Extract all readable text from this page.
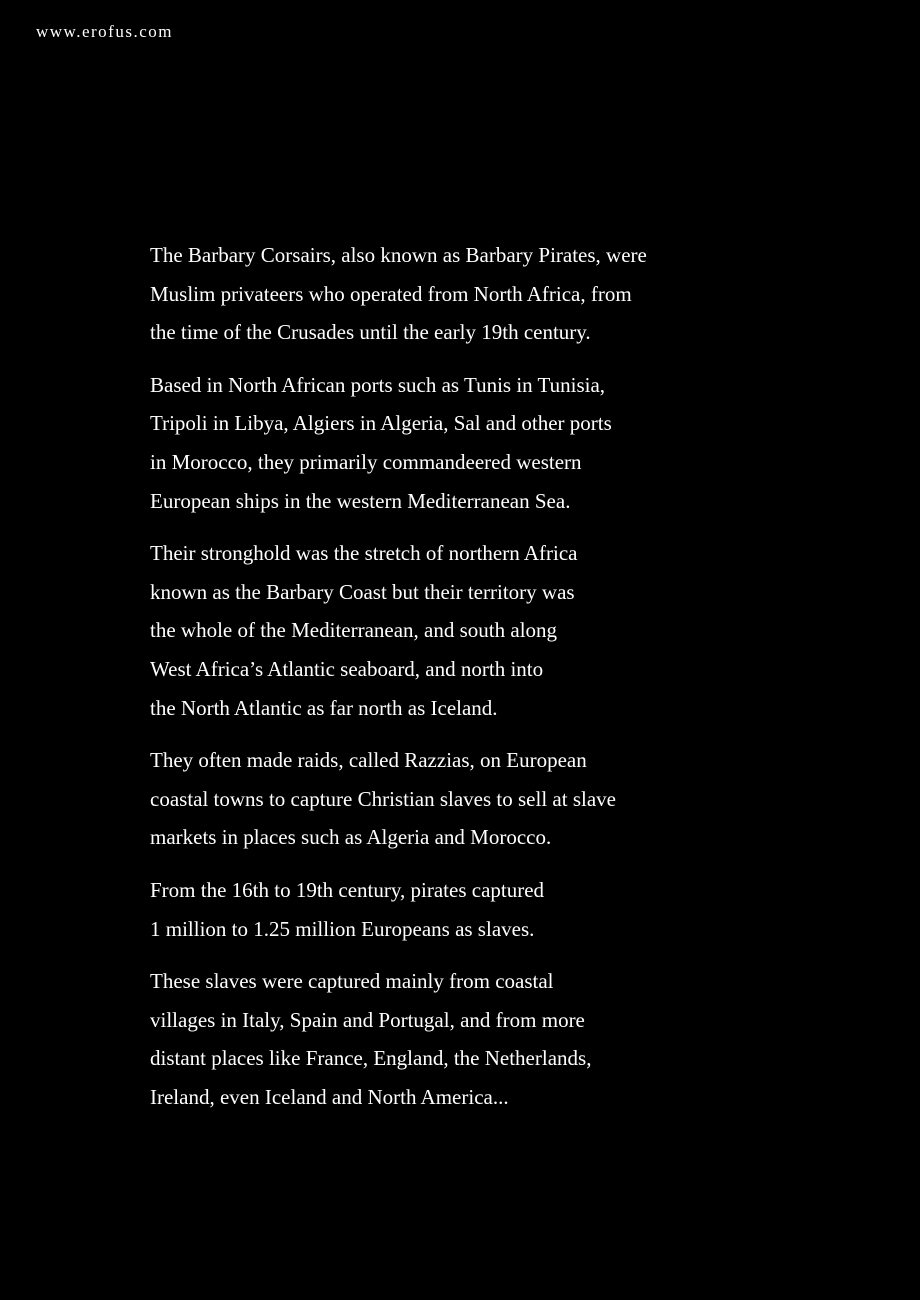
www.erofus.com

The Barbary Corsairs, also known as Barbary Pirates, were
Muslim privateers who operated from North Africa, from
the time of the Crusades until the early 19th century.

Based in North African ports such as Tunis in Tunisia,
Tripoli in Libya, Algiers in Algeria, Sal and other ports
in Morocco, they primarily commandeered western
European ships in the western Mediterranean Sea.

Their stronghold was the stretch of northern Africa
known as the Barbary Coast but their territory was
the whole of the Mediterranean, and south along
West Africa’s Atlantic seaboard, and north into
the North Atlantic as far north as Iceland.

They often made raids, called Razzias, on European
coastal towns to capture Christian slaves to sell at slave
markets in places such as Algeria and Morocco.

From the 16th to 19th century, pirates captured
1 million to 1.25 million Europeans as slaves.

These slaves were captured mainly from coastal
villages in Italy, Spain and Portugal, and from more
distant places like France, England, the Netherlands,
Ireland, even Iceland and North America...
